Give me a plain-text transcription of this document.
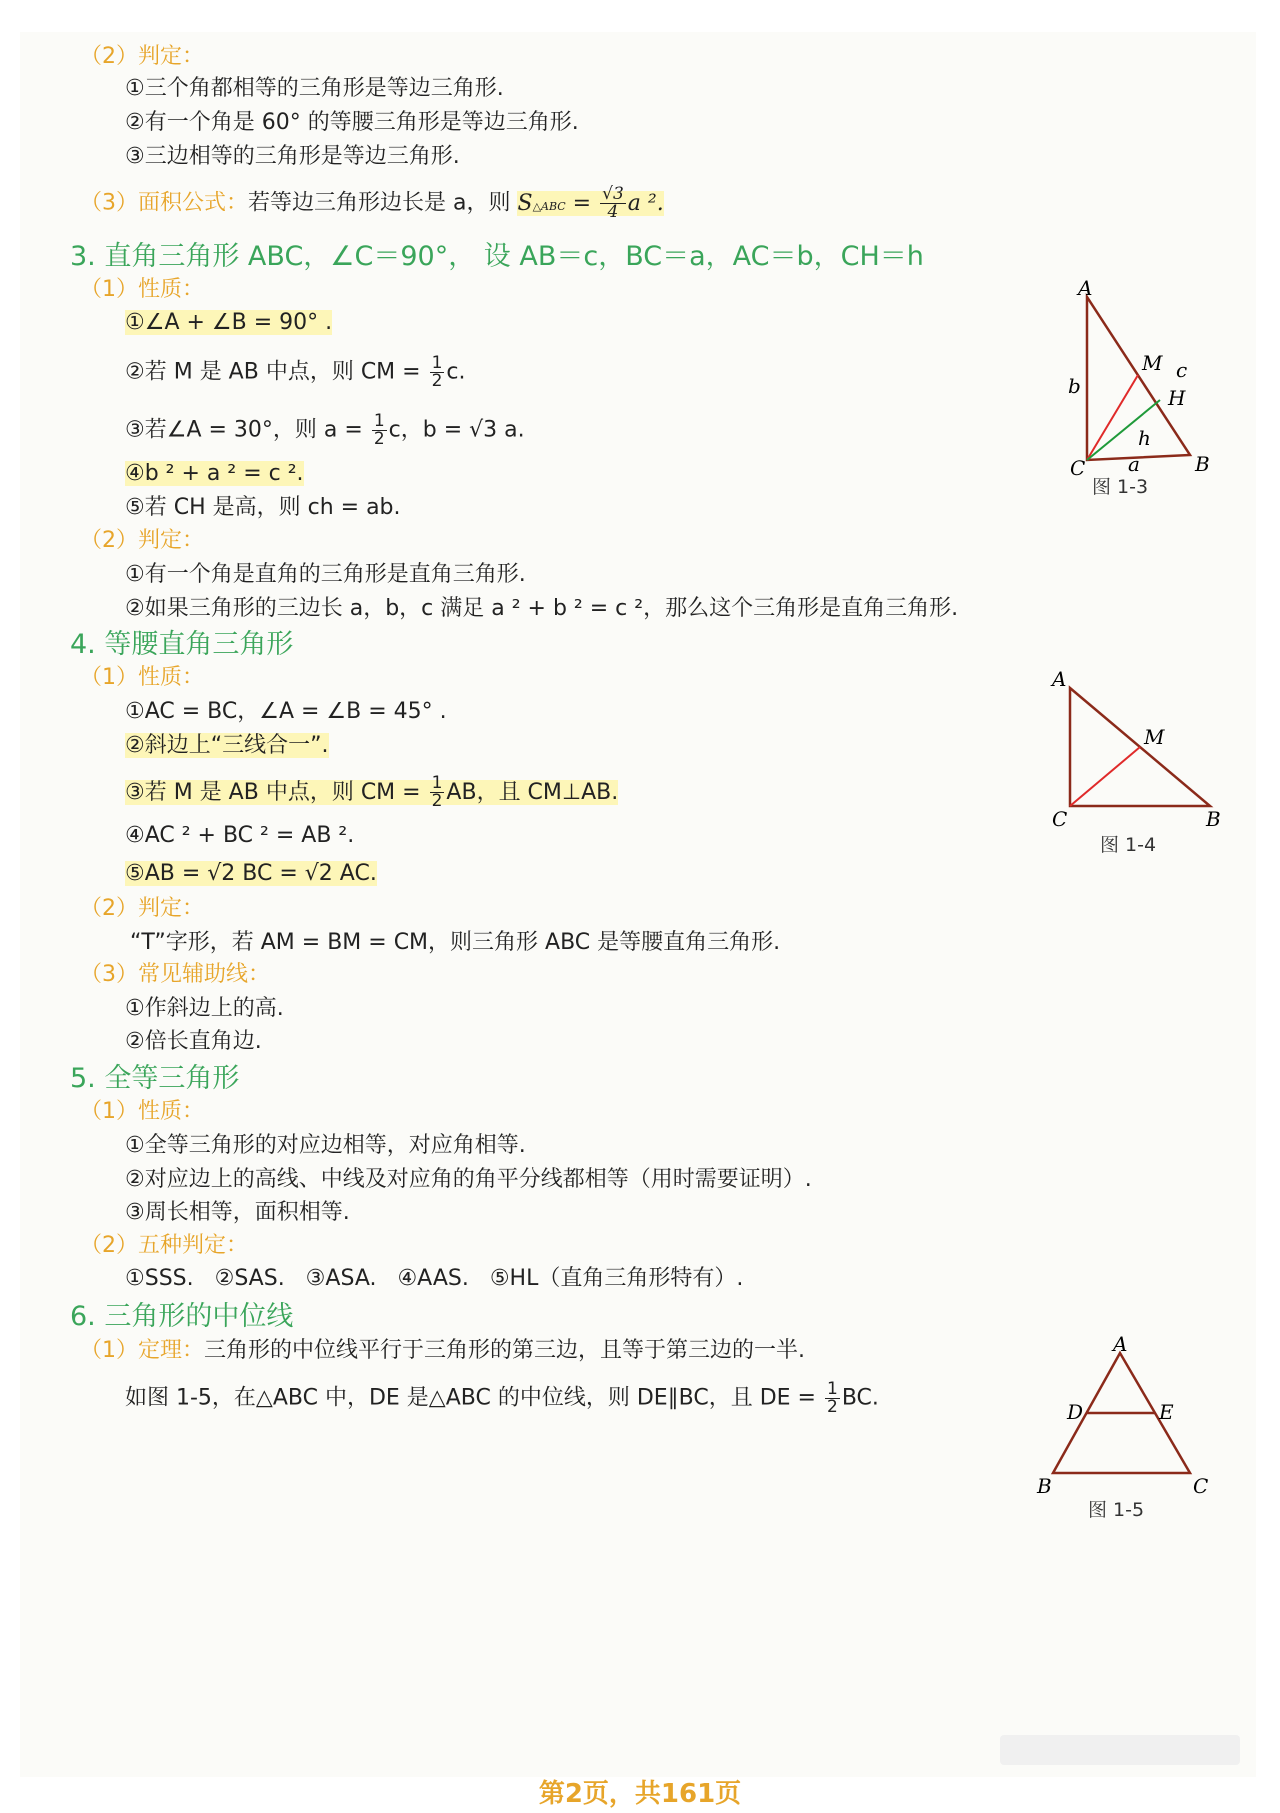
（2）判定：
①三个角都相等的三角形是等边三角形.
②有一个角是 60° 的等腰三角形是等边三角形.
③三边相等的三角形是等边三角形.
（3）面积公式：若等边三角形边长是 a，则 S△ABC = $\frac{√3}{4}$ a ².
3. 直角三角形 ABC，∠C＝90°， 设 AB＝c，BC＝a，AC＝b，CH＝h
（1）性质：
①∠A + ∠B = 90° .
②若 M 是 AB 中点，则 CM = $\frac{1}{2} c$.
③若∠A = 30°，则 $a = \frac{1}{2}$ c，b = √3 a.
④b ² + a ² = c ².
⑤若 CH 是高，则 ch = ab.
（2）判定：
①有一个角是直角的三角形是直角三角形.
②如果三角形的三边长 a，b，c 满足 a ² + b ² = c ²，那么这个三角形是直角三角形.
A
C	B
M
H
b
c
a
h
图 1-3
4. 等腰直角三角形
（1）性质：
①AC = BC，∠A = ∠B = 45° .
②斜边上“三线合一”.
③若 M 是 AB 中点，则 CM = $\frac{1}{2}$ AB，且 CM⊥AB.
④AC ² + BC ² = AB ².
⑤AB = √2 BC = √2 AC.
（2）判定：
“T”字形，若 AM = BM = CM，则三角形 ABC 是等腰直角三角形.
（3）常见辅助线：
①作斜边上的高.
②倍长直角边.
A
C	B
M
图 1-4
5. 全等三角形
（1）性质：
①全等三角形的对应边相等，对应角相等.
②对应边上的高线、中线及对应角的角平分线都相等（用时需要证明）.
③周长相等，面积相等.
（2）五种判定：
①SSS.   ②SAS.   ③ASA.   ④AAS.   ⑤HL（直角三角形特有）.
6. 三角形的中位线
（1）定理：三角形的中位线平行于三角形的第三边，且等于第三边的一半.
如图 1-5，在△ABC 中，DE 是△ABC 的中位线，则 DE∥BC，且 DE = $\frac{1}{2}$ BC.
A
D	E
B	C
图 1-5
第2页，共161页
